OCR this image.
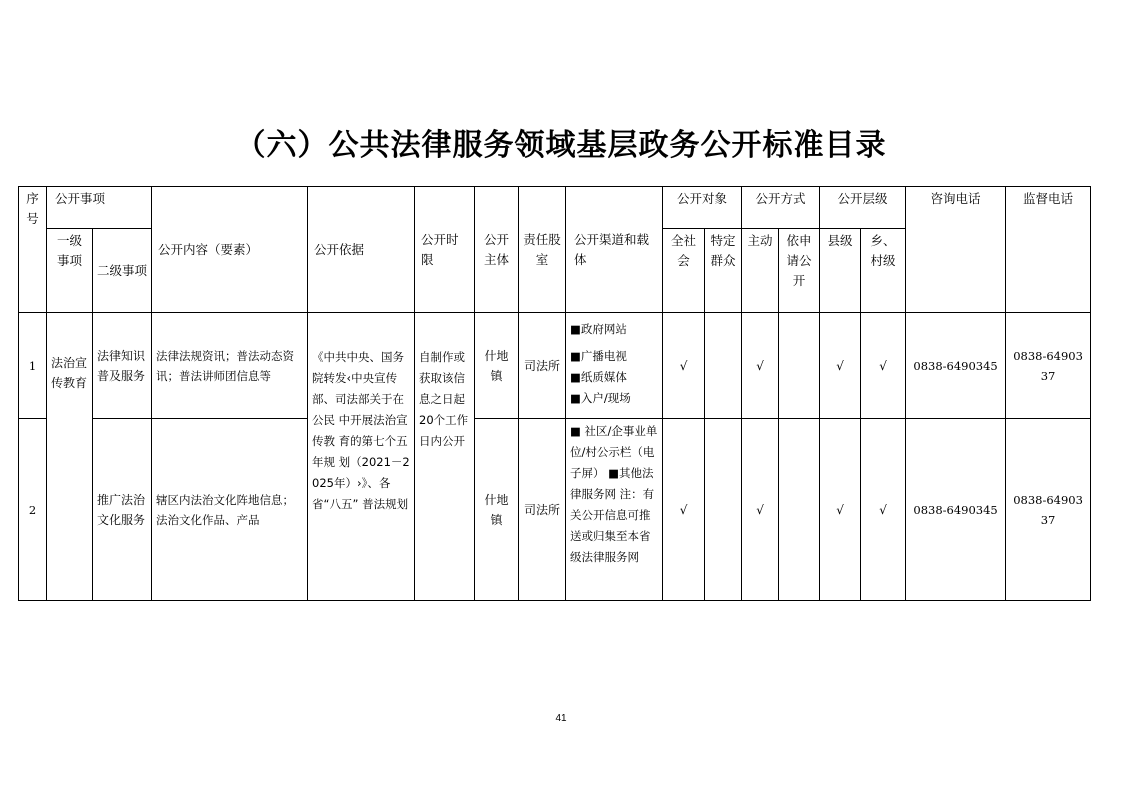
（六）公共法律服务领域基层政务公开标准目录
序号	公开事项		公开内容（要素）	公开依据	公开时限	公开主体	责任股室	公开渠道和载体	公开对象		公开方式		公开层级		咨询电话	监督电话
	一级事项	二级事项							全社会	特定群众	主动	依申请公开	县级	乡、村级		
1	法治宣传教育	法律知识普及服务	法律法规资讯；普法动态资讯；普法讲师团信息等	《中共中央、国务院转发‹中央宣传部、司法部关于在公民 中开展法治宣传教 育的第七个五年规 划（2021－2025年）›》、各省“八五” 普法规划	自制作或获取该信息之日起20个工作日内公开	什地镇	司法所	■政府网站
■广播电视
■纸质媒体
■入户/现场	√		√		√	√	0838-6490345	0838-6490337
2		推广法治文化服务	辖区内法治文化阵地信息；法治文化作品、产品			什地镇	司法所	■ 社区/企事业单位/村公示栏（电子屏） ■其他法律服务网 注：有关公开信息可推送或归集至本省级法律服务网	√		√		√	√	0838-6490345	0838-6490337
41
